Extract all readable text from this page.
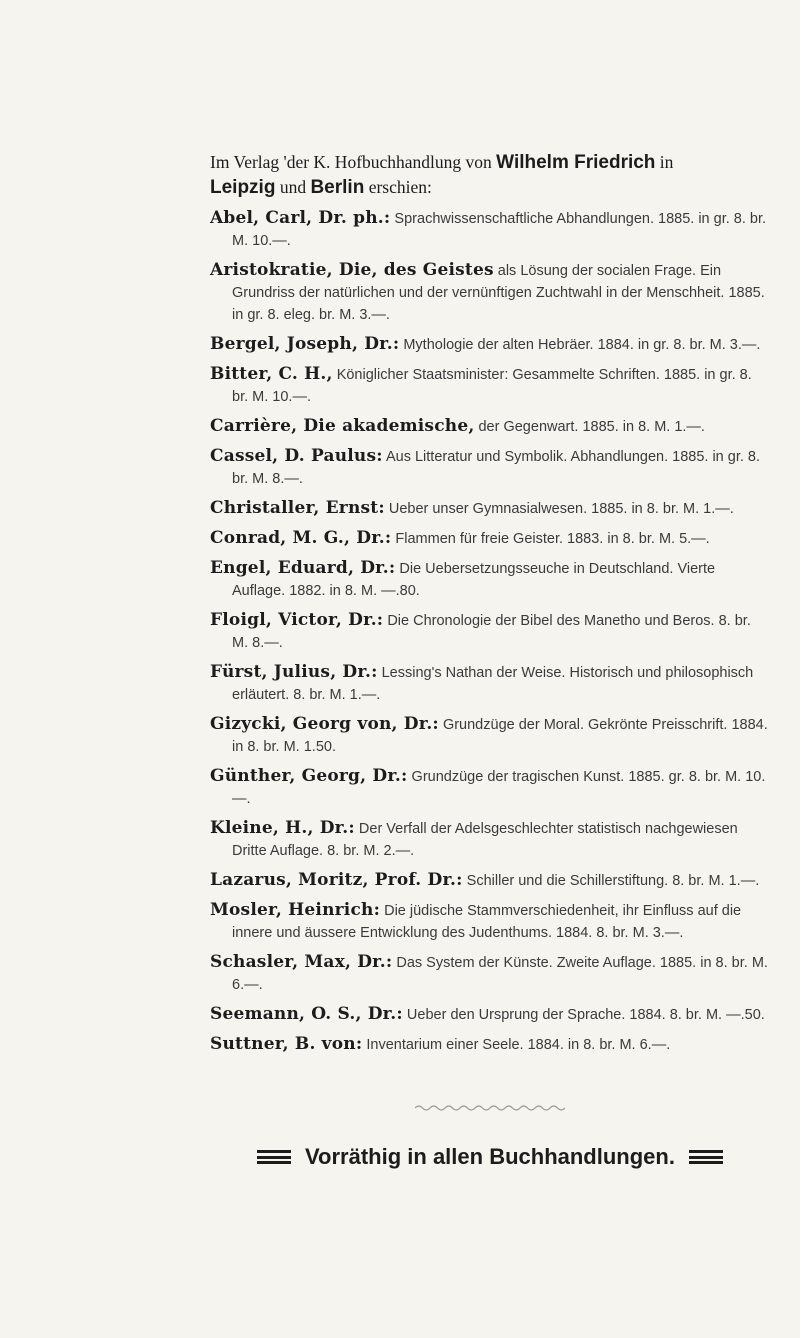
Im Verlag 'der K. Hofbuchhandlung von Wilhelm Friedrich in
Leipzig und Berlin erschien:

Abel, Carl, Dr. ph.: Sprachwissenschaftliche Abhandlungen. 1885. in gr. 8. br. M. 10.—.

Aristokratie, Die, des Geistes als Lösung der socialen Frage. Ein Grundriss der natürlichen und der vernünftigen Zuchtwahl in der Menschheit. 1885. in gr. 8. eleg. br. M. 3.—.

Bergel, Joseph, Dr.: Mythologie der alten Hebräer. 1884. in gr. 8. br. M. 3.—.

Bitter, C. H., Königlicher Staatsminister: Gesammelte Schriften. 1885. in gr. 8. br. M. 10.—.

Carrière, Die akademische, der Gegenwart. 1885. in 8. M. 1.—.

Cassel, D. Paulus: Aus Litteratur und Symbolik. Abhandlungen. 1885. in gr. 8. br. M. 8.—.

Christaller, Ernst: Ueber unser Gymnasialwesen. 1885. in 8. br. M. 1.—.

Conrad, M. G., Dr.: Flammen für freie Geister. 1883. in 8. br. M. 5.—.

Engel, Eduard, Dr.: Die Uebersetzungsseuche in Deutschland. Vierte Auflage. 1882. in 8. M. —.80.

Floigl, Victor, Dr.: Die Chronologie der Bibel des Manetho und Beros. 8. br. M. 8.—.

Fürst, Julius, Dr.: Lessing's Nathan der Weise. Historisch und philosophisch erläutert. 8. br. M. 1.—.

Gizycki, Georg von, Dr.: Grundzüge der Moral. Gekrönte Preisschrift. 1884. in 8. br. M. 1.50.

Günther, Georg, Dr.: Grundzüge der tragischen Kunst. 1885. gr. 8. br. M. 10.—.

Kleine, H., Dr.: Der Verfall der Adelsgeschlechter statistisch nachgewiesen Dritte Auflage. 8. br. M. 2.—.

Lazarus, Moritz, Prof. Dr.: Schiller und die Schillerstiftung. 8. br. M. 1.—.

Mosler, Heinrich: Die jüdische Stammverschiedenheit, ihr Einfluss auf die innere und äussere Entwicklung des Judenthums. 1884. 8. br. M. 3.—.

Schasler, Max, Dr.: Das System der Künste. Zweite Auflage. 1885. in 8. br. M. 6.—.

Seemann, O. S., Dr.: Ueber den Ursprung der Sprache. 1884. 8. br. M. —.50.

Suttner, B. von: Inventarium einer Seele. 1884. in 8. br. M. 6.—.

Vorräthig in allen Buchhandlungen.
